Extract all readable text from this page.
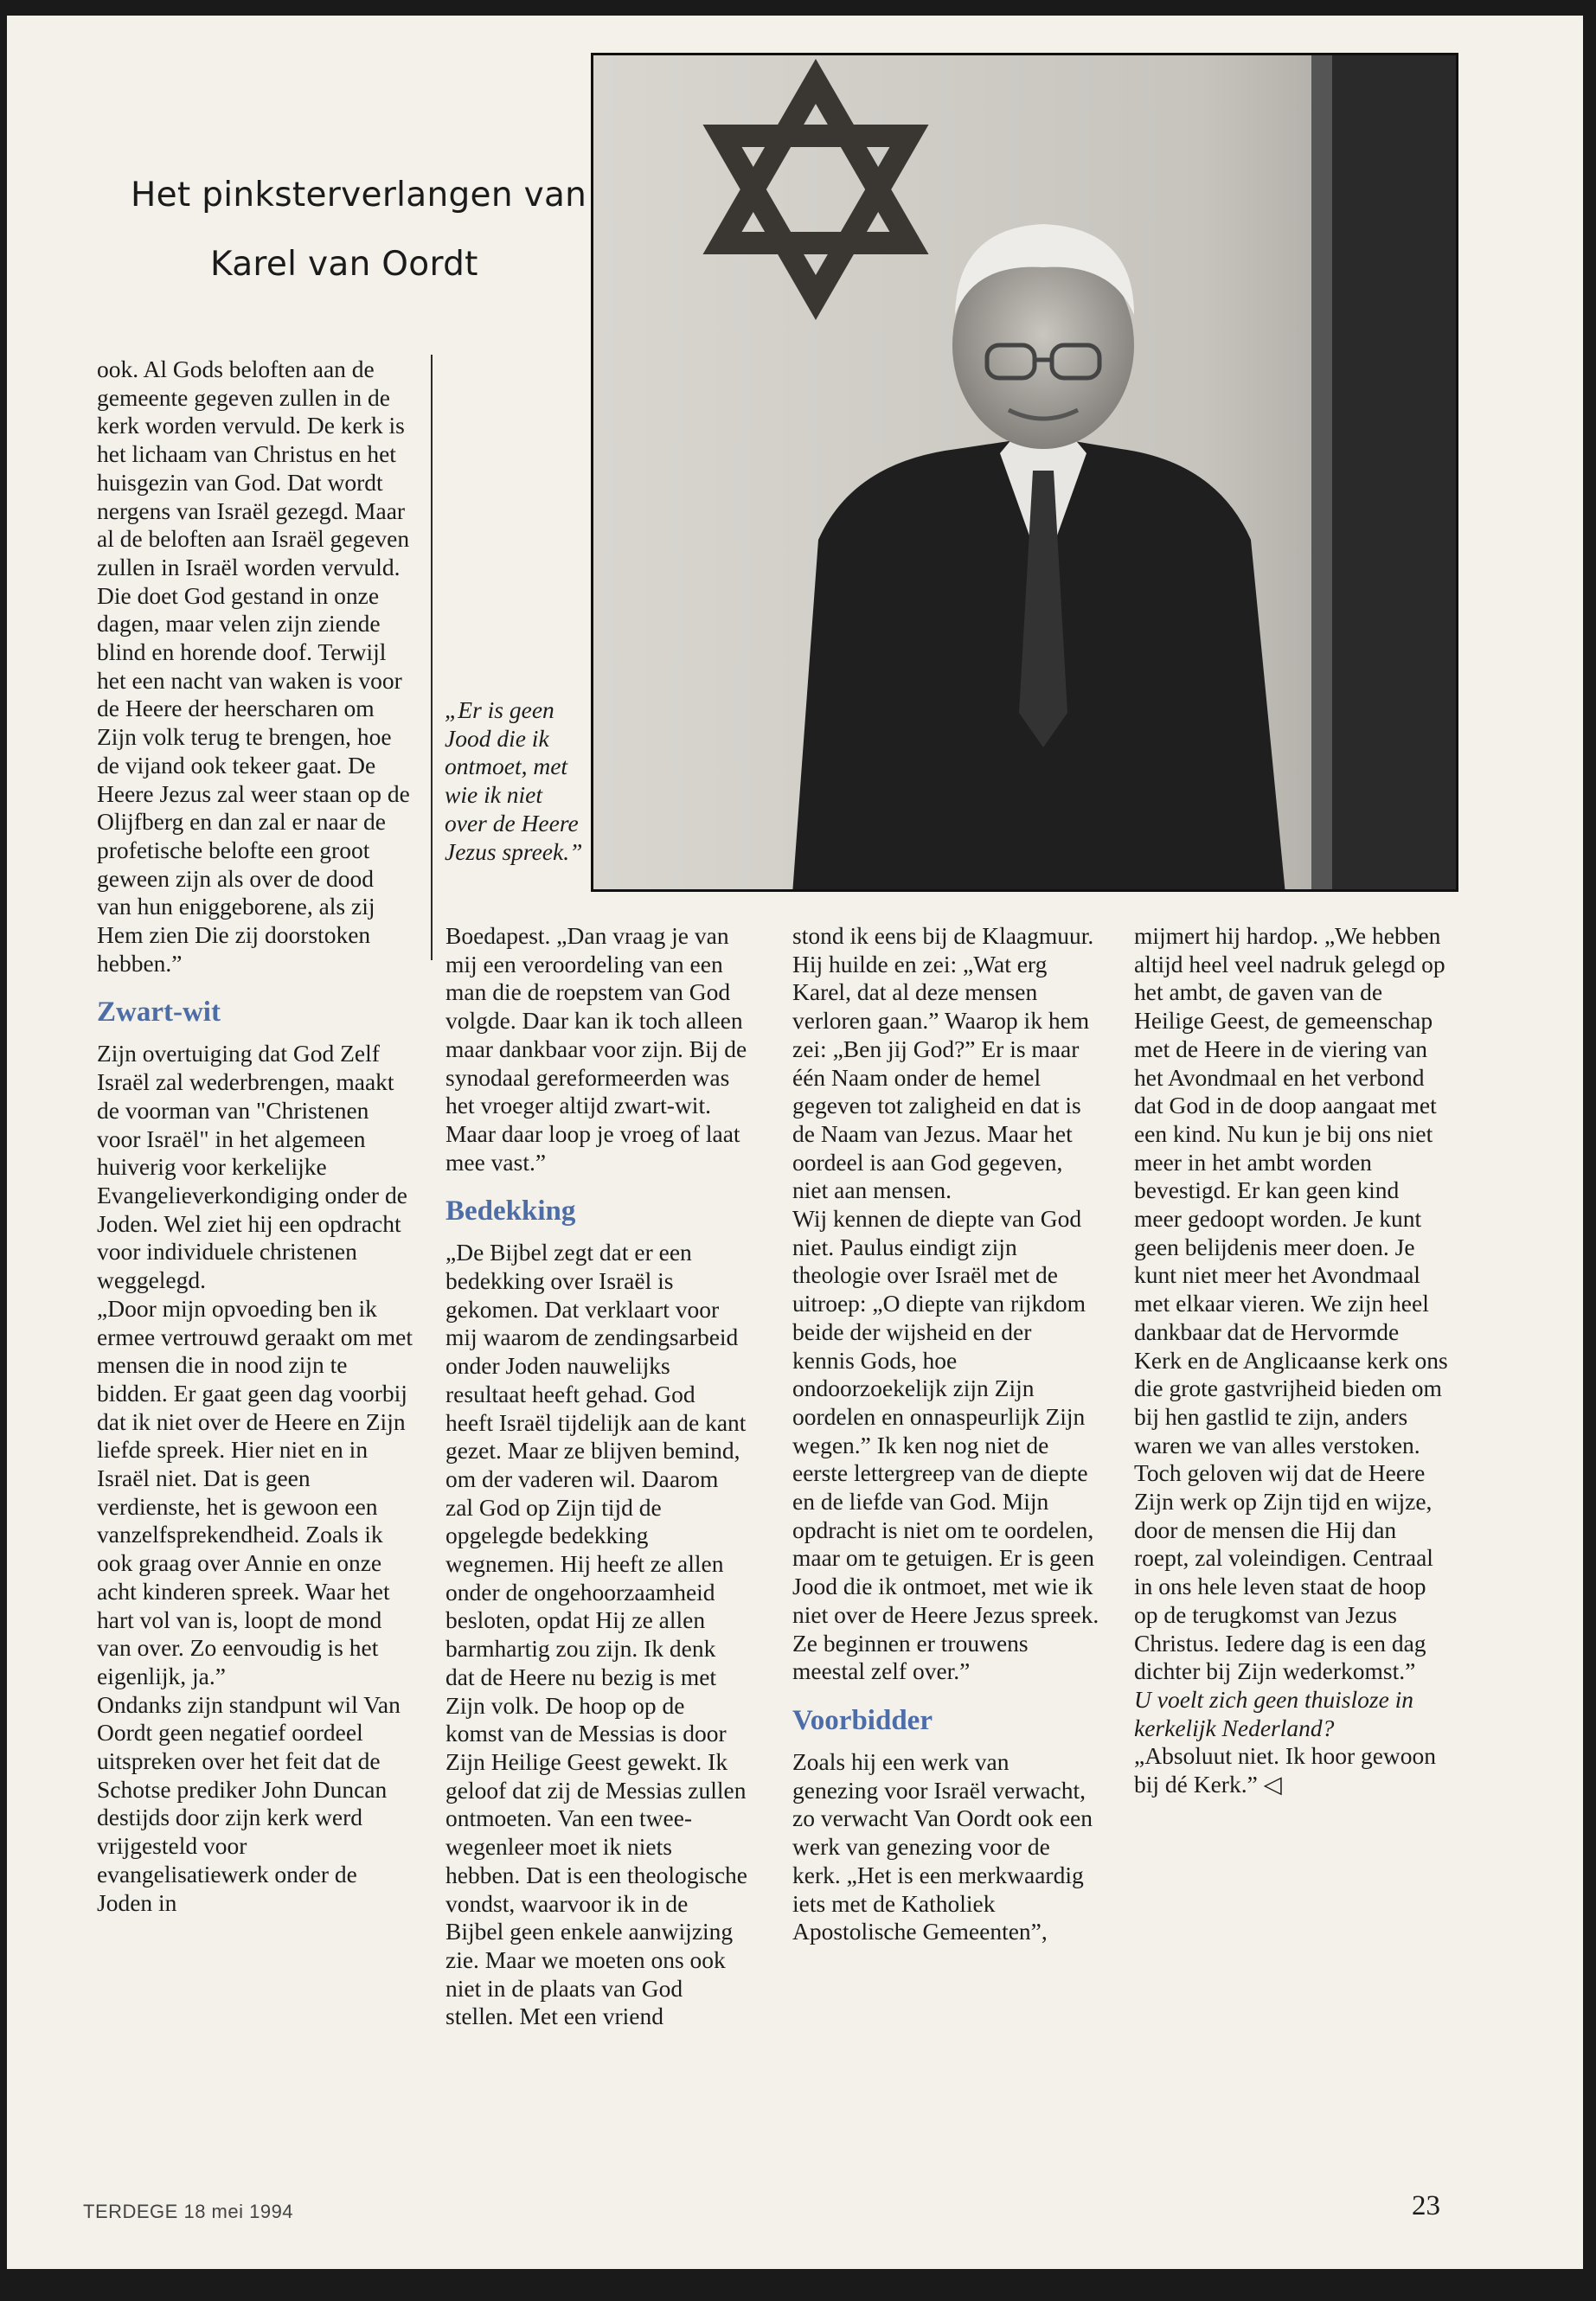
Het pinksterverlangen van
Karel van Oordt
„Er is geen Jood die ik ontmoet, met wie ik niet over de Heere Jezus spreek.”

ook. Al Gods beloften aan de gemeente gegeven zullen in de kerk worden vervuld. De kerk is het lichaam van Christus en het huisgezin van God. Dat wordt nergens van Israël gezegd. Maar al de beloften aan Israël gegeven zullen in Israël worden vervuld.

Die doet God gestand in onze dagen, maar velen zijn ziende blind en horende doof. Terwijl het een nacht van waken is voor de Heere der heerscharen om Zijn volk terug te brengen, hoe de vijand ook tekeer gaat. De Heere Jezus zal weer staan op de Olijfberg en dan zal er naar de profetische belofte een groot geween zijn als over de dood van hun eniggeborene, als zij Hem zien Die zij doorstoken hebben.”

Zwart-wit

Zijn overtuiging dat God Zelf Israël zal wederbrengen, maakt de voorman van "Christenen voor Israël" in het algemeen huiverig voor kerkelijke Evangelieverkondiging onder de Joden. Wel ziet hij een opdracht voor individuele christenen weggelegd.

„Door mijn opvoeding ben ik ermee vertrouwd geraakt om met mensen die in nood zijn te bidden. Er gaat geen dag voorbij dat ik niet over de Heere en Zijn liefde spreek. Hier niet en in Israël niet. Dat is geen verdienste, het is gewoon een vanzelfsprekendheid. Zoals ik ook graag over Annie en onze acht kinderen spreek. Waar het hart vol van is, loopt de mond van over. Zo eenvoudig is het eigenlijk, ja.”

Ondanks zijn standpunt wil Van Oordt geen negatief oordeel uitspreken over het feit dat de Schotse prediker John Duncan destijds door zijn kerk werd vrijgesteld voor evangelisatiewerk onder de Joden in

Boedapest. „Dan vraag je van mij een veroordeling van een man die de roepstem van God volgde. Daar kan ik toch alleen maar dankbaar voor zijn. Bij de synodaal gereformeerden was het vroeger altijd zwart-wit. Maar daar loop je vroeg of laat mee vast.”

Bedekking

„De Bijbel zegt dat er een bedekking over Israël is gekomen. Dat verklaart voor mij waarom de zendingsarbeid onder Joden nauwelijks resultaat heeft gehad. God heeft Israël tijdelijk aan de kant gezet. Maar ze blijven bemind, om der vaderen wil. Daarom zal God op Zijn tijd de opgelegde bedekking wegnemen. Hij heeft ze allen onder de ongehoorzaamheid besloten, opdat Hij ze allen barmhartig zou zijn. Ik denk dat de Heere nu bezig is met Zijn volk. De hoop op de komst van de Messias is door Zijn Heilige Geest gewekt. Ik geloof dat zij de Messias zullen ontmoeten. Van een twee-wegenleer moet ik niets hebben. Dat is een theologische vondst, waarvoor ik in de Bijbel geen enkele aanwijzing zie. Maar we moeten ons ook niet in de plaats van God stellen. Met een vriend

stond ik eens bij de Klaagmuur. Hij huilde en zei: „Wat erg Karel, dat al deze mensen verloren gaan.” Waarop ik hem zei: „Ben jij God?” Er is maar één Naam onder de hemel gegeven tot zaligheid en dat is de Naam van Jezus. Maar het oordeel is aan God gegeven, niet aan mensen.

Wij kennen de diepte van God niet. Paulus eindigt zijn theologie over Israël met de uitroep: „O diepte van rijkdom beide der wijsheid en der kennis Gods, hoe ondoorzoekelijk zijn Zijn oordelen en onnaspeurlijk Zijn wegen.” Ik ken nog niet de eerste lettergreep van de diepte en de liefde van God. Mijn opdracht is niet om te oordelen, maar om te getuigen. Er is geen Jood die ik ontmoet, met wie ik niet over de Heere Jezus spreek. Ze beginnen er trouwens meestal zelf over.”

Voorbidder

Zoals hij een werk van genezing voor Israël verwacht, zo verwacht Van Oordt ook een werk van genezing voor de kerk. „Het is een merkwaardig iets met de Katholiek Apostolische Gemeenten”,

mijmert hij hardop. „We hebben altijd heel veel nadruk gelegd op het ambt, de gaven van de Heilige Geest, de gemeenschap met de Heere in de viering van het Avondmaal en het verbond dat God in de doop aangaat met een kind. Nu kun je bij ons niet meer in het ambt worden bevestigd. Er kan geen kind meer gedoopt worden. Je kunt geen belijdenis meer doen. Je kunt niet meer het Avondmaal met elkaar vieren. We zijn heel dankbaar dat de Hervormde Kerk en de Anglicaanse kerk ons die grote gastvrijheid bieden om bij hen gastlid te zijn, anders waren we van alles verstoken. Toch geloven wij dat de Heere Zijn werk op Zijn tijd en wijze, door de mensen die Hij dan roept, zal voleindigen. Centraal in ons hele leven staat de hoop op de terugkomst van Jezus Christus. Iedere dag is een dag dichter bij Zijn wederkomst.”

U voelt zich geen thuisloze in kerkelijk Nederland?

„Absoluut niet. Ik hoor gewoon bij dé Kerk.” ◁

TERDEGE 18 mei 1994	23
